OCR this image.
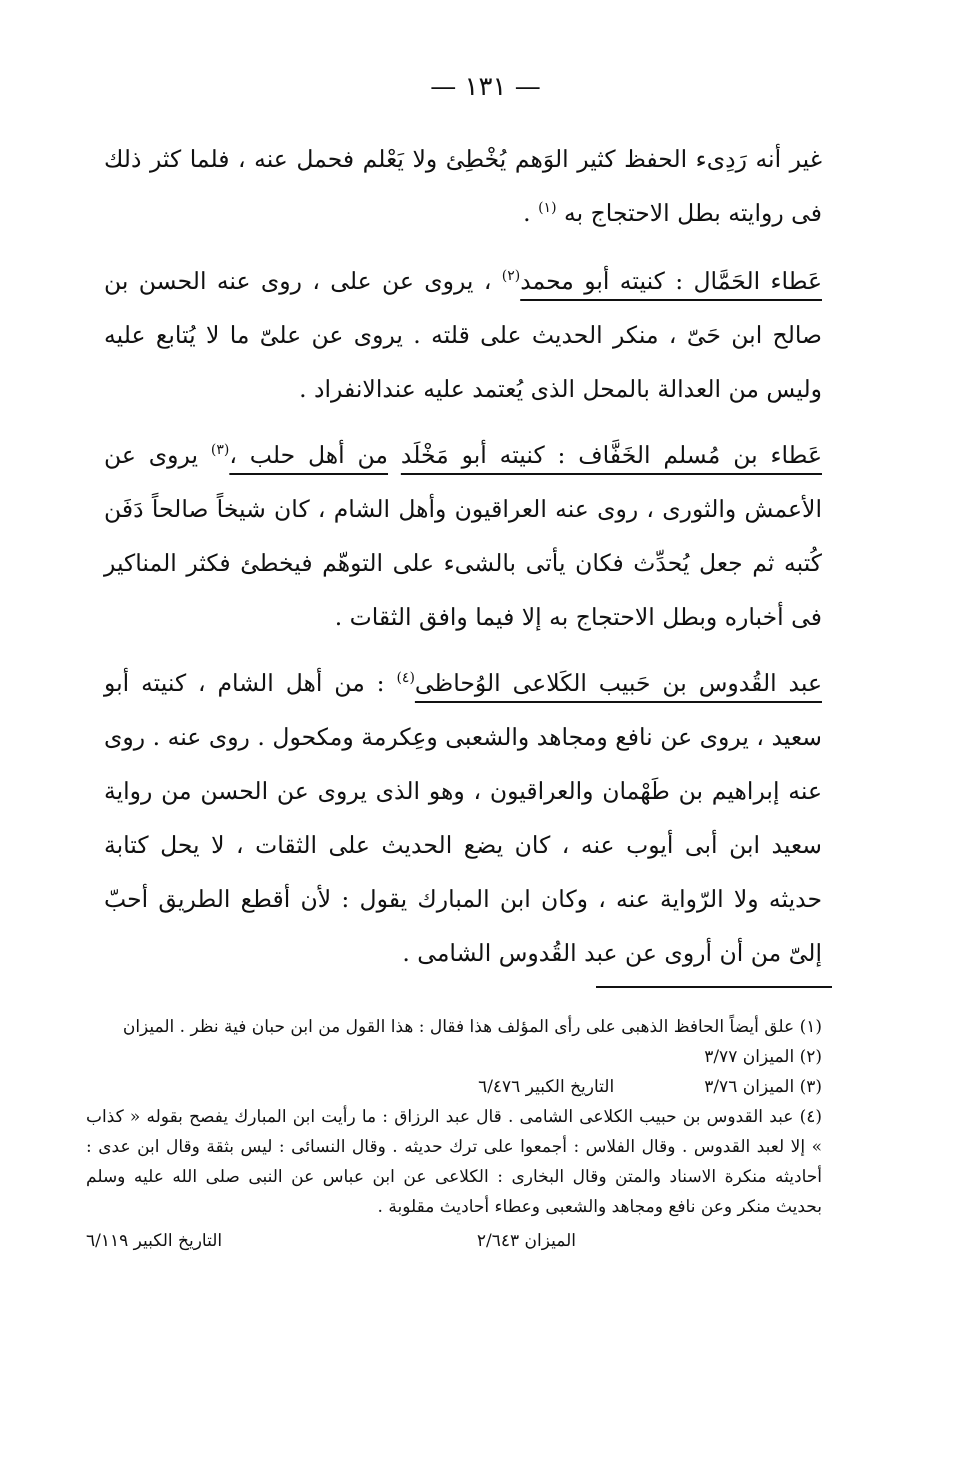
— ١٣١ —

غير أنه رَدِىء الحفظ كثير الوَهم يُخْطِئ ولا يَعْلم فحمل عنه ، فلما كثر ذلك فى روايته بطل الاحتجاج به $^{(١)}$ .

عَطاء الحَمَّال : كنيته أبو محمد$^{(٢)}$ ، يروى عن على ، روى عنه الحسن بن صالح ابن حَىّ ، منكر الحديث على قلته . يروى عن علىّ ما لا يُتابع عليه وليس من العدالة بالمحل الذى يُعتمد عليه عندالانفراد .

عَطاء بن مُسلم الخَفَّاف : كنيته أبو مَخْلَد من أهل حلب ،$^{(٣)}$ يروى عن الأعمش والثورى ، روى عنه العراقيون وأهل الشام ، كان شيخاً صالحاً دَفَن كُتبه ثم جعل يُحدِّث فكان يأتى بالشىء على التوهّم فيخطئ فكثر المناكير فى أخباره وبطل الاحتجاج به إلا فيما وافق الثقات .

عبد القُدوس بن حَبيب الكَلاعى الوُحاظى$^{(٤)}$ : من أهل الشام ، كنيته أبو سعيد ، يروى عن نافع ومجاهد والشعبى وعِكرمة ومكحول . روى عنه . روى عنه إبراهيم بن طَهْمان والعراقيون ، وهو الذى يروى عن الحسن من رواية سعيد ابن أبى أيوب عنه ، كان يضع الحديث على الثقات ، لا يحل كتابة حديثه ولا الرّواية عنه ، وكان ابن المبارك يقول : لأن أقطع الطريق أحبّ إلىّ من أن أروى عن عبد القُدوس الشامى .

(١) علق أيضاً الحافظ الذهبى على رأى المؤلف هذا فقال : هذا القول من ابن حبان فية نظر . الميزان

(٢) الميزان ٣/٧٧

(٣) الميزان ٣/٧٦
التاريخ الكبير ٦/٤٧٦

(٤) عبد القدوس بن حبيب الكلاعى الشامى . قال عبد الرزاق : ما رأيت ابن المبارك يفصح بقوله « كذاب » إلا لعبد القدوس . وقال الفلاس : أجمعوا على ترك حديثه . وقال النسائى : ليس بثقة وقال ابن عدى : أحاديثه منكرة الاسناد والمتن وقال البخارى : الكلاعى عن ابن عباس عن النبى صلى الله عليه وسلم بحديث منكر وعن نافع ومجاهد والشعبى وعطاء أحاديث مقلوبة .

الميزان ٢/٦٤٣
التاريخ الكبير ٦/١١٩
